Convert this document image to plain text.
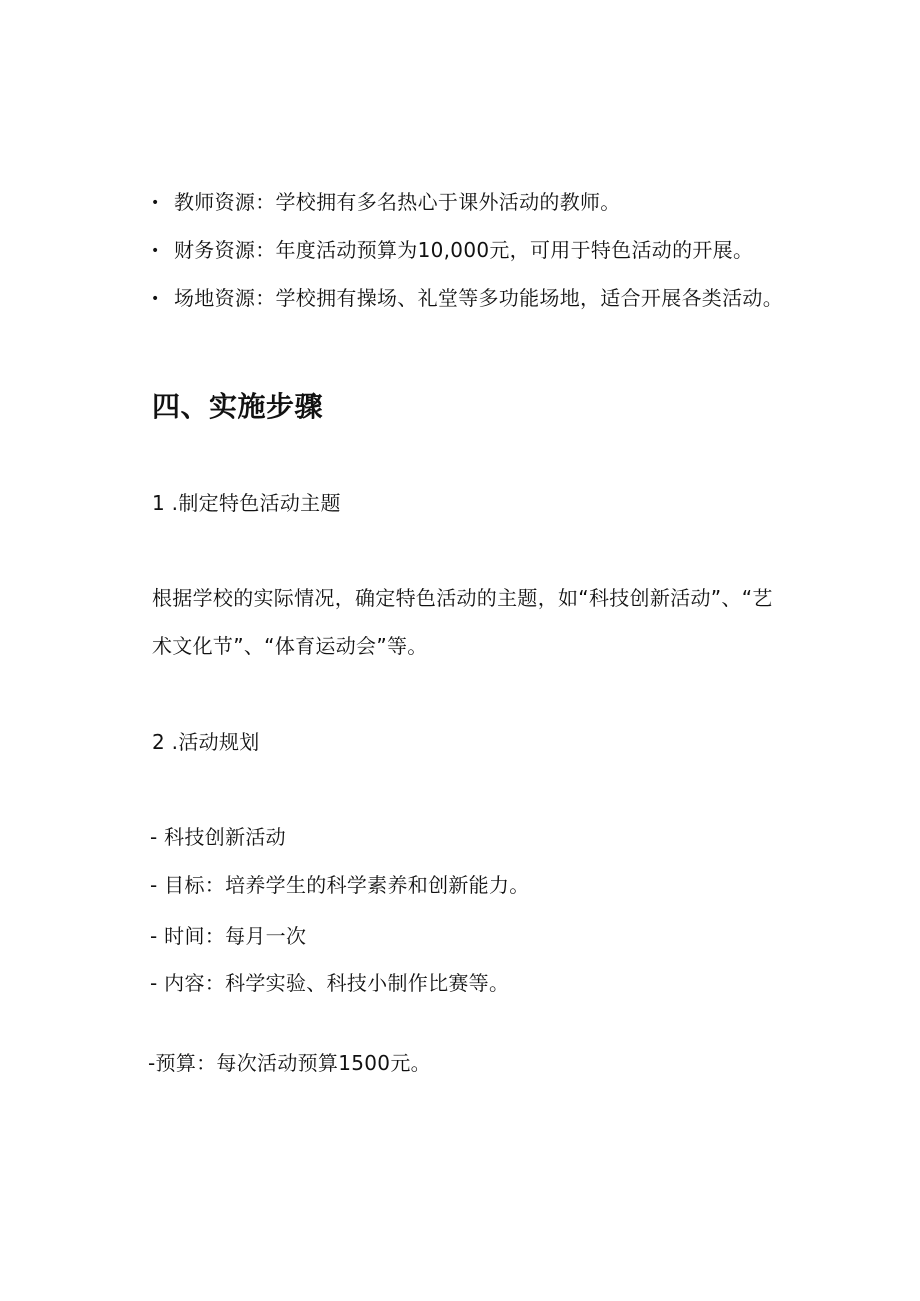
• 教师资源：学校拥有多名热心于课外活动的教师。
• 财务资源：年度活动预算为10,000元，可用于特色活动的开展。
• 场地资源：学校拥有操场、礼堂等多功能场地，适合开展各类活动。
四、实施步骤
1 .制定特色活动主题
根据学校的实际情况，确定特色活动的主题，如“科技创新活动”、“艺
术文化节”、“体育运动会”等。
2 .活动规划
- 科技创新活动
- 目标：培养学生的科学素养和创新能力。
- 时间：每月一次
- 内容：科学实验、科技小制作比赛等。
-预算：每次活动预算1500元。
